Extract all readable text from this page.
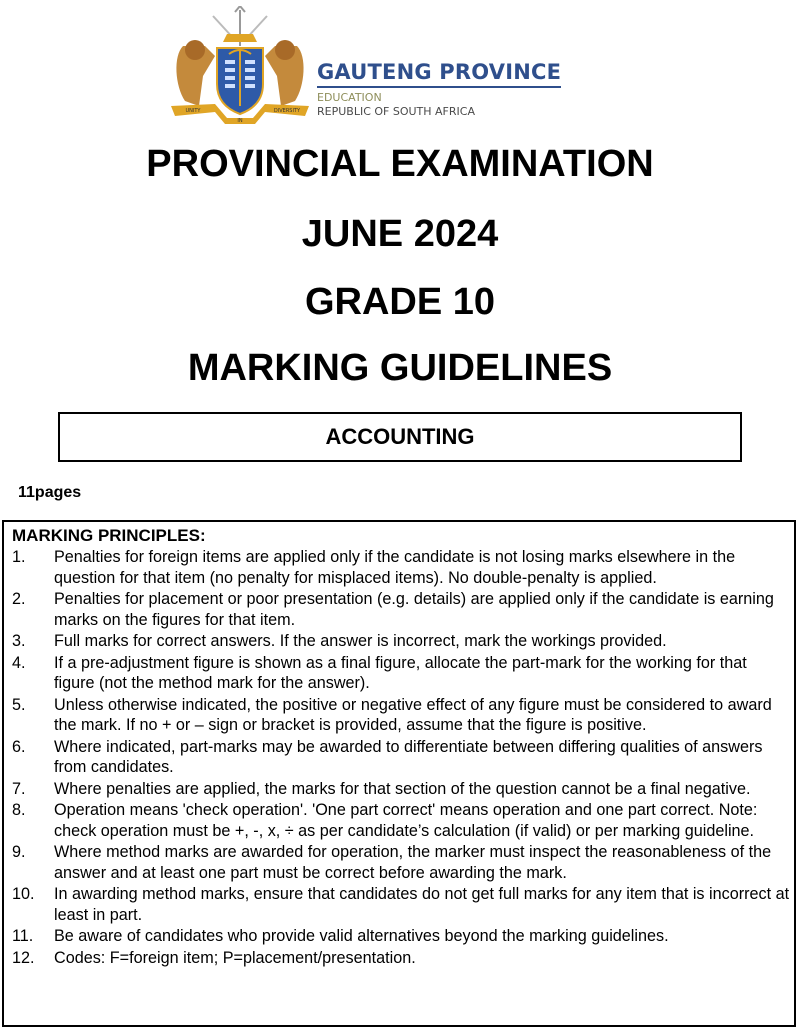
UNITY
IN
DIVERSITY
GAUTENG PROVINCE
EDUCATION
REPUBLIC OF SOUTH AFRICA
PROVINCIAL EXAMINATION
JUNE 2024
GRADE 10
MARKING GUIDELINES
ACCOUNTING
11pages
MARKING PRINCIPLES:
1.	Penalties for foreign items are applied only if the candidate is not losing marks elsewhere in the question for that item (no penalty for misplaced items). No double-penalty is applied.
2.	Penalties for placement or poor presentation (e.g. details) are applied only if the candidate is earning marks on the figures for that item.
3.	Full marks for correct answers. If the answer is incorrect, mark the workings provided.
4.	If a pre-adjustment figure is shown as a final figure, allocate the part-mark for the working for that figure (not the method mark for the answer).
5.	Unless otherwise indicated, the positive or negative effect of any figure must be considered to award the mark. If no + or – sign or bracket is provided, assume that the figure is positive.
6.	Where indicated, part-marks may be awarded to differentiate between differing qualities of answers from candidates.
7.	Where penalties are applied, the marks for that section of the question cannot be a final negative.
8.	Operation means 'check operation'. 'One part correct' means operation and one part correct. Note: check operation must be +, -, x, ÷ as per candidate’s calculation (if valid) or per marking guideline.
9.	Where method marks are awarded for operation, the marker must inspect the reasonableness of the answer and at least one part must be correct before awarding the mark.
10.	In awarding method marks, ensure that candidates do not get full marks for any item that is incorrect at least in part.
11.	Be aware of candidates who provide valid alternatives beyond the marking guidelines.
12.	Codes: F=foreign item; P=placement/presentation.
